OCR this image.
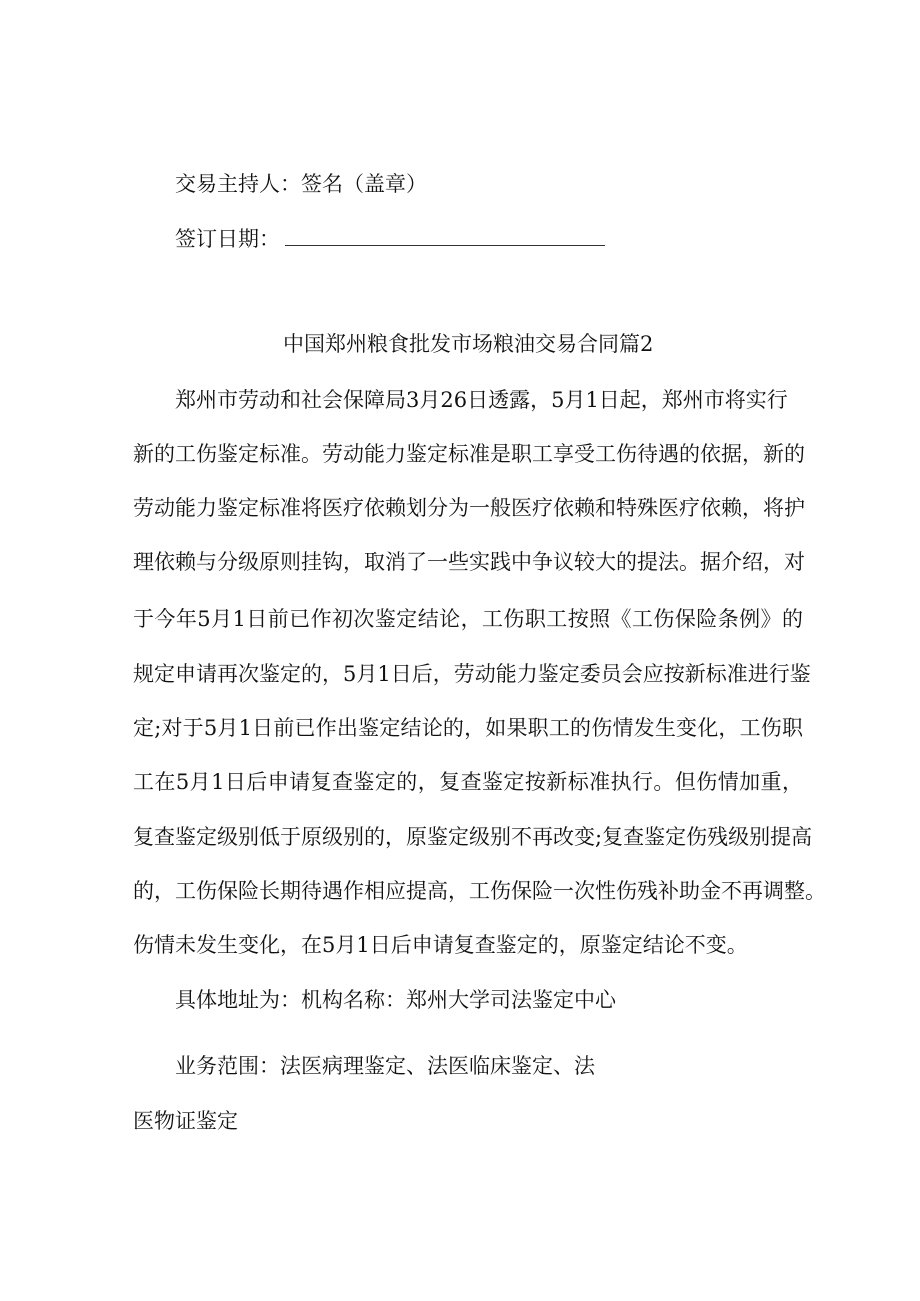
交易主持人：签名（盖章）
签订日期：
中国郑州粮食批发市场粮油交易合同篇2
郑州市劳动和社会保障局3月26日透露，5月1日起，郑州市将实行
新的工伤鉴定标准。劳动能力鉴定标准是职工享受工伤待遇的依据，新的
劳动能力鉴定标准将医疗依赖划分为一般医疗依赖和特殊医疗依赖，将护
理依赖与分级原则挂钩，取消了一些实践中争议较大的提法。据介绍，对
于今年5月1日前已作初次鉴定结论，工伤职工按照《工伤保险条例》的
规定申请再次鉴定的，5月1日后，劳动能力鉴定委员会应按新标准进行鉴
定;对于5月1日前已作出鉴定结论的，如果职工的伤情发生变化，工伤职
工在5月1日后申请复查鉴定的，复查鉴定按新标准执行。但伤情加重，
复查鉴定级别低于原级别的，原鉴定级别不再改变;复查鉴定伤残级别提高
的，工伤保险长期待遇作相应提高，工伤保险一次性伤残补助金不再调整。
伤情未发生变化，在5月1日后申请复查鉴定的，原鉴定结论不变。
具体地址为：机构名称：郑州大学司法鉴定中心
业务范围：法医病理鉴定、法医临床鉴定、法
医物证鉴定
